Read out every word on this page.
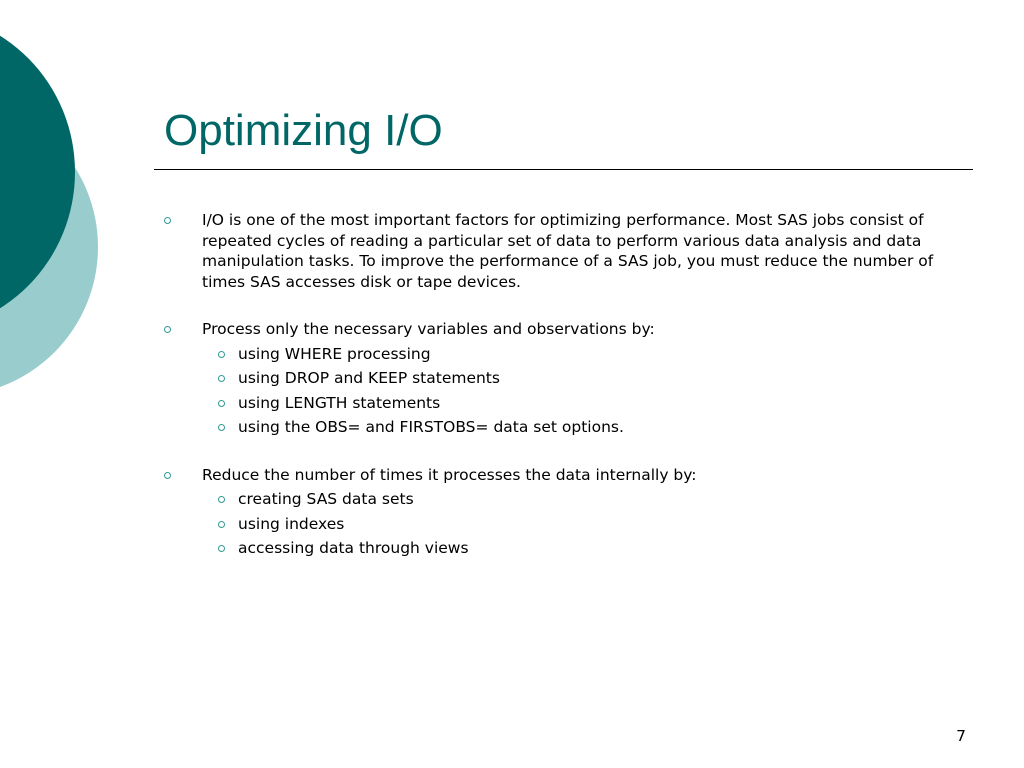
Optimizing I/O
I/O is one of the most important factors for optimizing performance. Most SAS jobs consist of repeated cycles of reading a particular set of data to perform various data analysis and data manipulation tasks. To improve the performance of a SAS job, you must reduce the number of times SAS accesses disk or tape devices.
Process only the necessary variables and observations by:
using WHERE processing
using DROP and KEEP statements
using LENGTH statements
using the OBS= and FIRSTOBS= data set options.
Reduce the number of times it processes the data internally by:
creating SAS data sets
using indexes
accessing data through views
7
